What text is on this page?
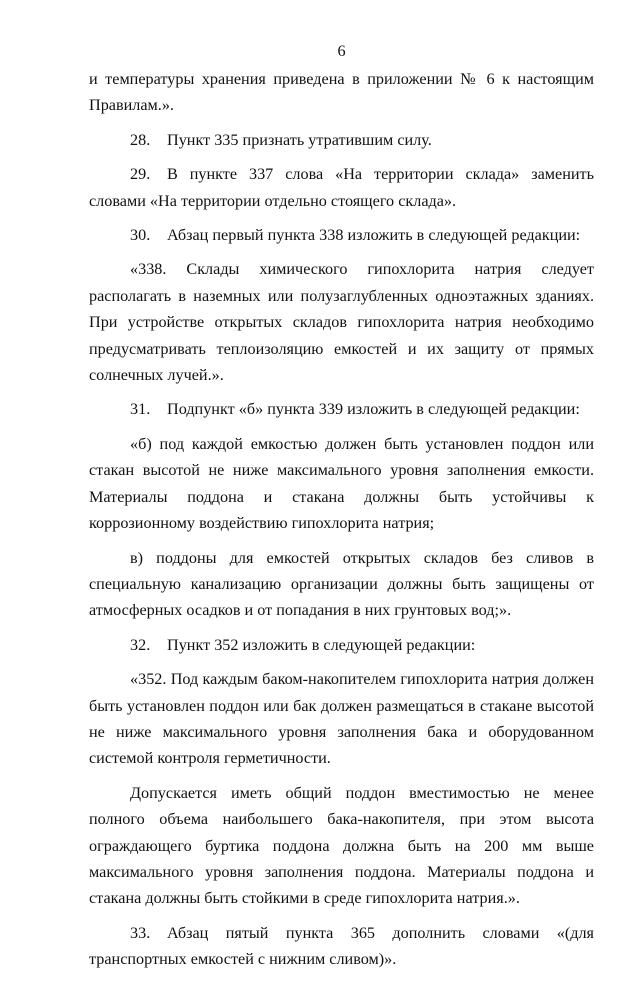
6

и температуры хранения приведена в приложении № 6 к настоящим Правилам.».

28. Пункт 335 признать утратившим силу.

29. В пункте 337 слова «На территории склада» заменить словами «На территории отдельно стоящего склада».

30. Абзац первый пункта 338 изложить в следующей редакции:

«338. Склады химического гипохлорита натрия следует располагать в наземных или полузаглубленных одноэтажных зданиях. При устройстве открытых складов гипохлорита натрия необходимо предусматривать теплоизоляцию емкостей и их защиту от прямых солнечных лучей.».

31. Подпункт «б» пункта 339 изложить в следующей редакции:

«б) под каждой емкостью должен быть установлен поддон или стакан высотой не ниже максимального уровня заполнения емкости. Материалы поддона и стакана должны быть устойчивы к коррозионному воздействию гипохлорита натрия;

в) поддоны для емкостей открытых складов без сливов в специальную канализацию организации должны быть защищены от атмосферных осадков и от попадания в них грунтовых вод;».

32. Пункт 352 изложить в следующей редакции:

«352. Под каждым баком-накопителем гипохлорита натрия должен быть установлен поддон или бак должен размещаться в стакане высотой не ниже максимального уровня заполнения бака и оборудованном системой контроля герметичности.

Допускается иметь общий поддон вместимостью не менее полного объема наибольшего бака-накопителя, при этом высота ограждающего буртика поддона должна быть на 200 мм выше максимального уровня заполнения поддона. Материалы поддона и стакана должны быть стойкими в среде гипохлорита натрия.».

33. Абзац пятый пункта 365 дополнить словами «(для транспортных емкостей с нижним сливом)».
